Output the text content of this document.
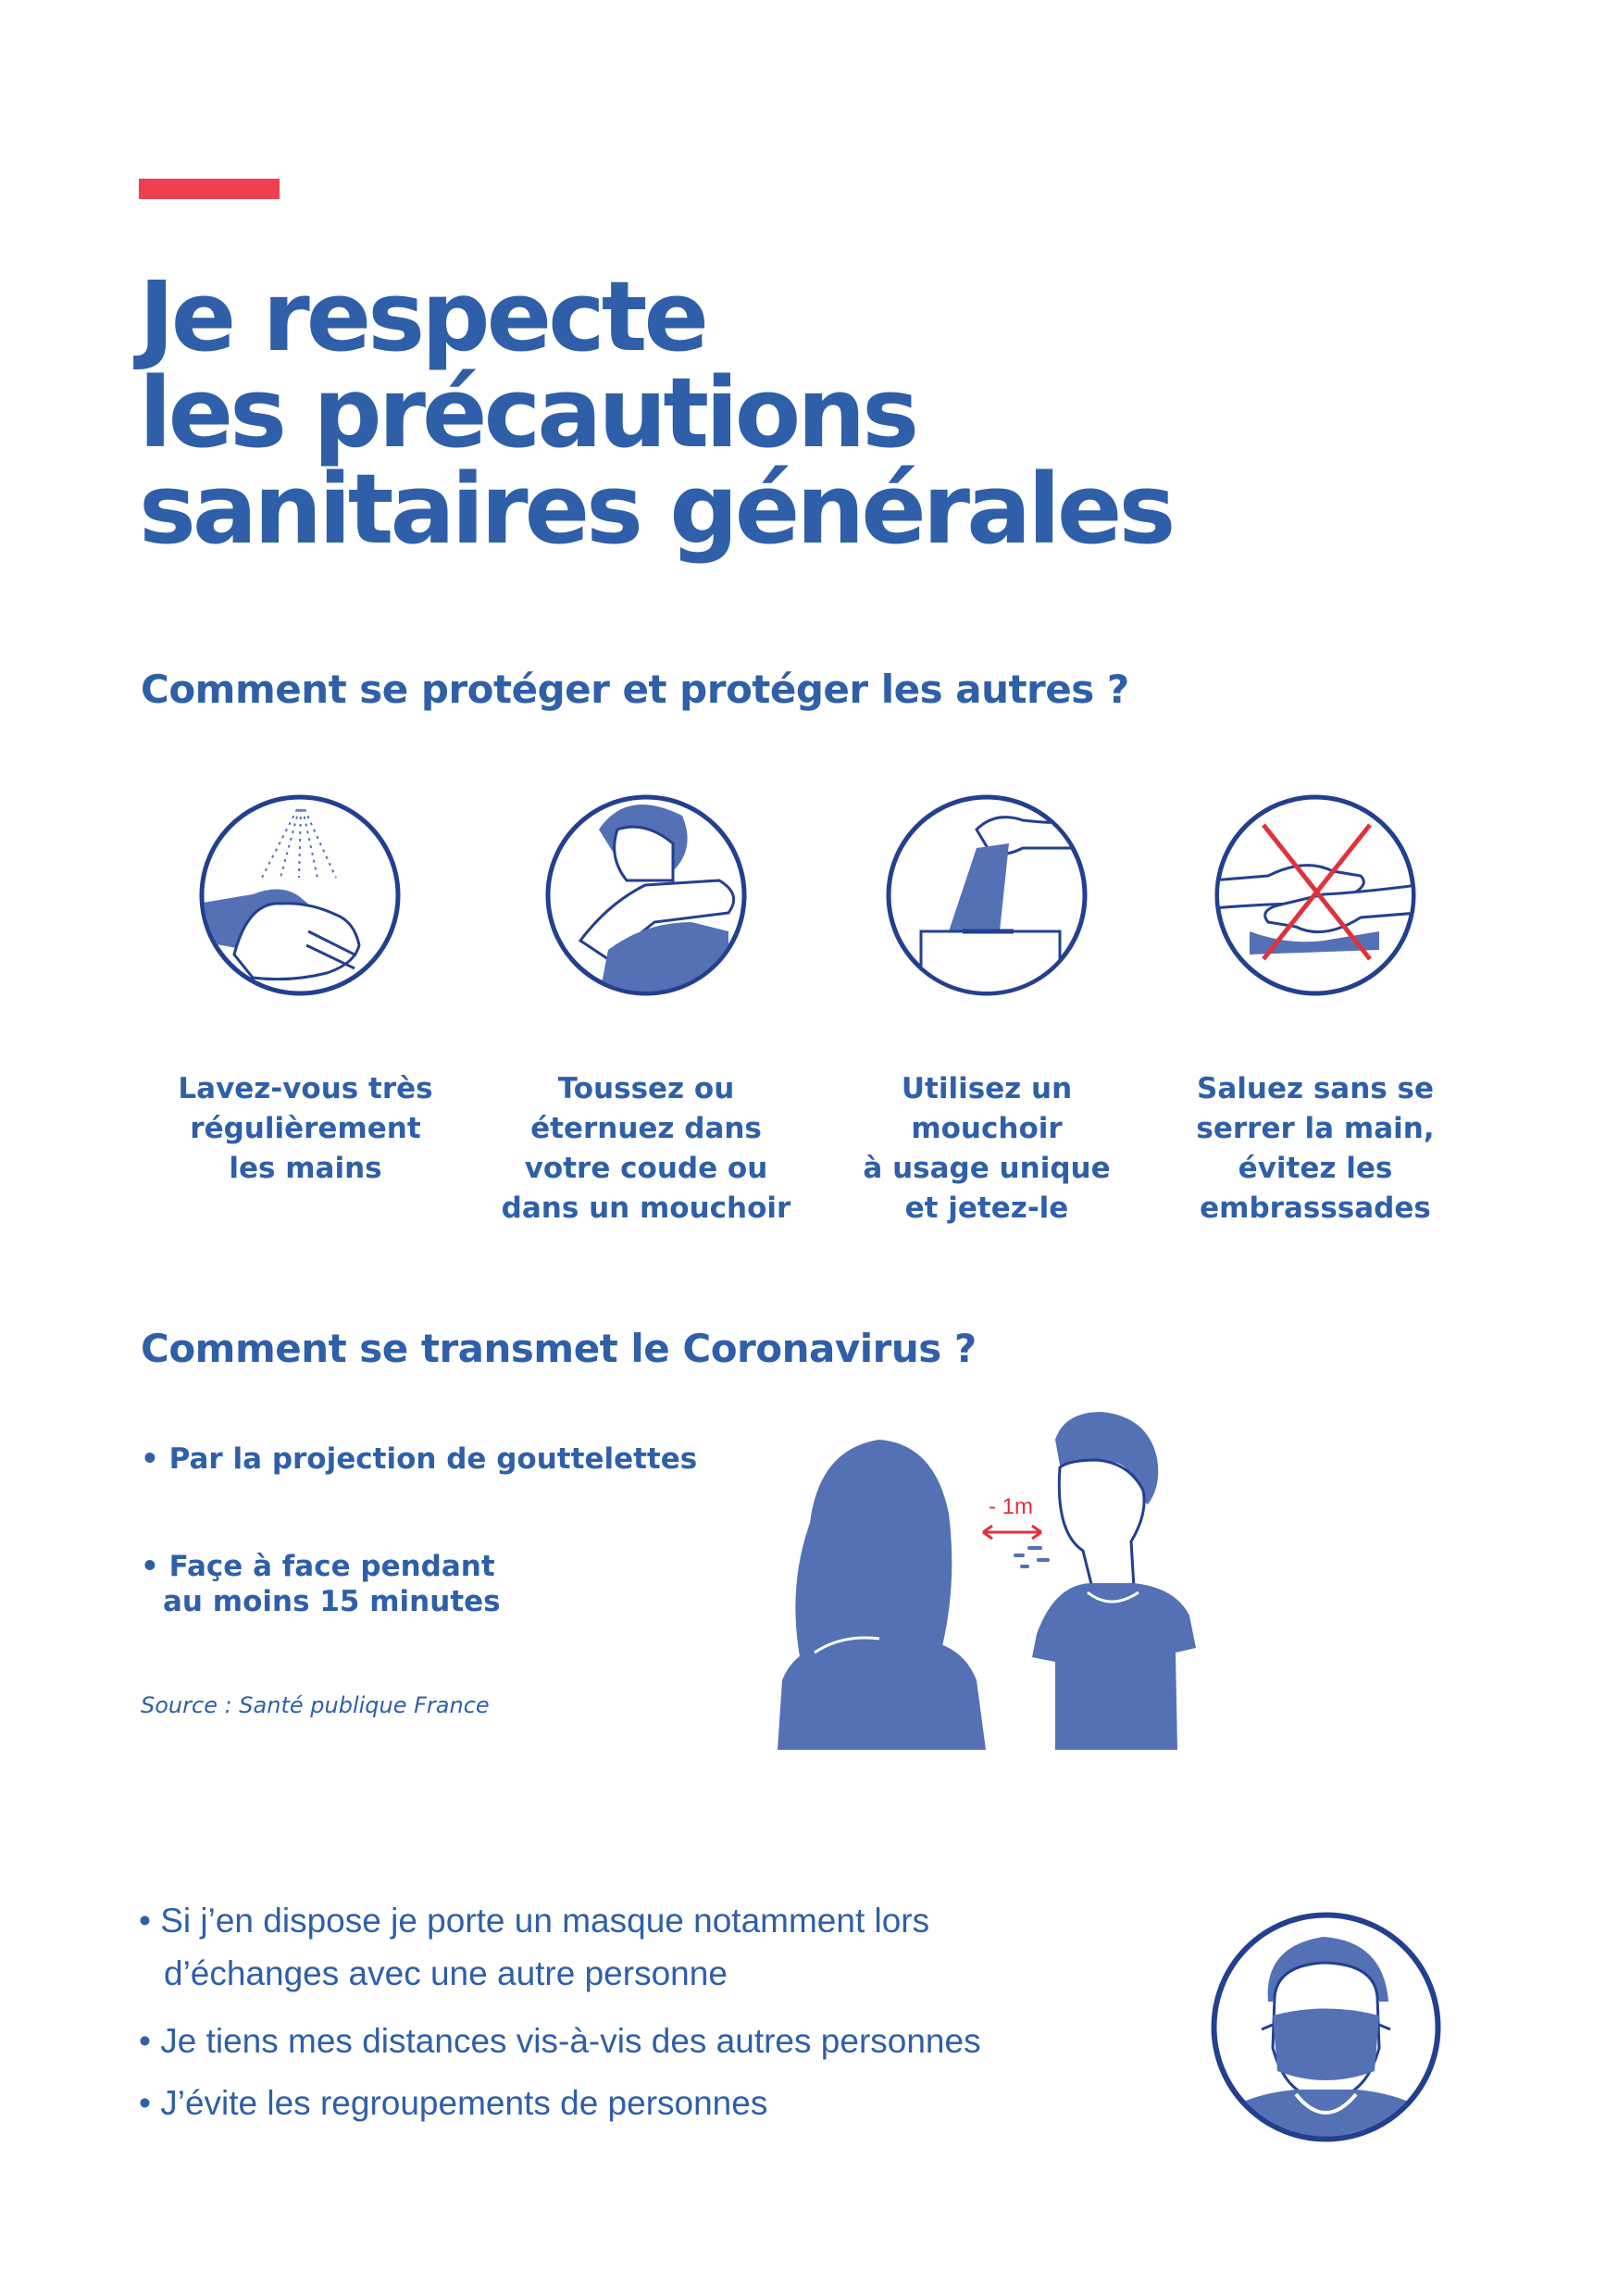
Je respecte
les précautions
sanitaires générales
Comment se protéger et protéger les autres ?
Lavez-vous très
régulièrement
les mains
Toussez ou
éternuez dans
votre coude ou
dans un mouchoir
Utilisez un
mouchoir
à usage unique
et jetez-le
Saluez sans se
serrer la main,
évitez les
embrasssades
Comment se transmet le Coronavirus ?
• Par la projection de gouttelettes
• Façe à face pendant
au moins 15 minutes
Source : Santé publique France
- 1m
• Si j’en dispose je porte un masque notamment lors
d’échanges avec une autre personne
• Je tiens mes distances vis-à-vis des autres personnes
• J’évite les regroupements de personnes
